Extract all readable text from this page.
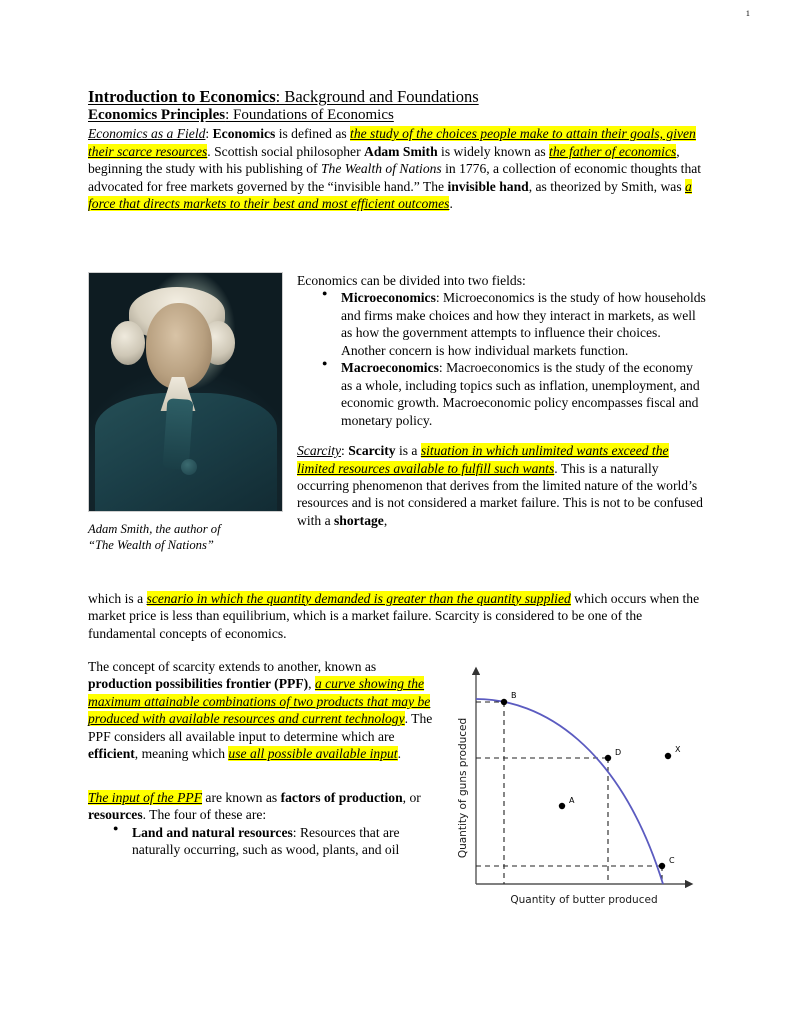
1
Introduction to Economics: Background and Foundations
Economics Principles: Foundations of Economics

Economics as a Field: Economics is defined as the study of the choices people make to attain their goals, given their scarce resources. Scottish social philosopher Adam Smith is widely known as the father of economics, beginning the study with his publishing of The Wealth of Nations in 1776, a collection of economic thoughts that advocated for free markets governed by the “invisible hand.” The invisible hand, as theorized by Smith, was a force that directs markets to their best and most efficient outcomes.

Adam Smith, the author of
“The Wealth of Nations”

Economics can be divided into two fields:

● Microeconomics: Microeconomics is the study of how households and firms make choices and how they interact in markets, as well as how the government attempts to influence their choices. Another concern is how individual markets function.
● Macroeconomics: Macroeconomics is the study of the economy as a whole, including topics such as inflation, unemployment, and economic growth. Macroeconomic policy encompasses fiscal and monetary policy.

Scarcity: Scarcity is a situation in which unlimited wants exceed the limited resources available to fulfill such wants. This is a naturally occurring phenomenon that derives from the limited nature of the world’s resources and is not considered a market failure. This is not to be confused with a shortage,

which is a scenario in which the quantity demanded is greater than the quantity supplied which occurs when the market price is less than equilibrium, which is a market failure. Scarcity is considered to be one of the fundamental concepts of economics.

The concept of scarcity extends to another, known as production possibilities frontier (PPF), a curve showing the maximum attainable combinations of two products that may be produced with available resources and current technology. The PPF considers all available input to determine which are efficient, meaning which use all possible available input.

The input of the PPF are known as factors of production, or resources. The four of these are:

● Land and natural resources: Resources that are naturally occurring, such as wood, plants, and oil
B
D
C
A
X
Quantity of guns produced
Quantity of butter produced
